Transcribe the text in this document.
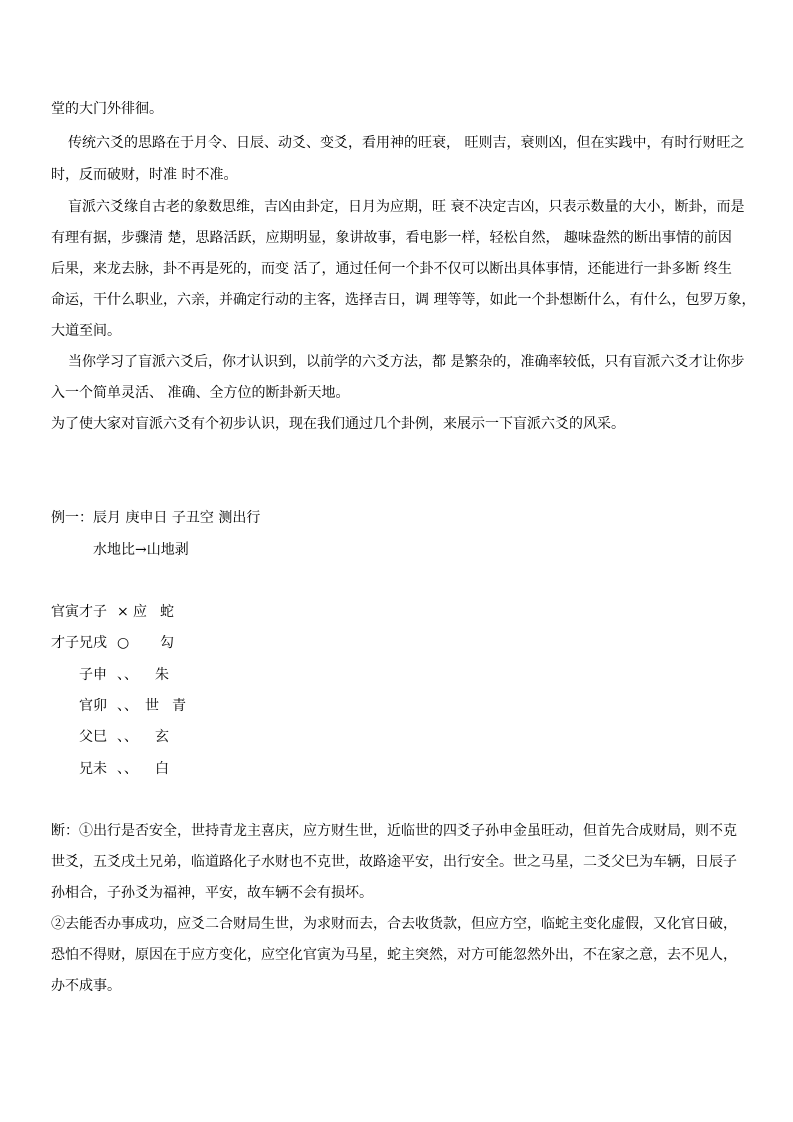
堂的大门外徘徊。
传统六爻的思路在于月令、日辰、动爻、变爻，看用神的旺衰， 旺则吉，衰则凶，但在实践中，有时行财旺之
时，反而破财，时准 时不准。
盲派六爻缘自古老的象数思维，吉凶由卦定，日月为应期，旺 衰不决定吉凶，只表示数量的大小，断卦，而是
有理有据，步骤清 楚，思路活跃，应期明显，象讲故事，看电影一样，轻松自然， 趣味盎然的断出事情的前因
后果，来龙去脉，卦不再是死的，而变 活了，通过任何一个卦不仅可以断出具体事情，还能进行一卦多断 终生
命运，干什么职业，六亲，并确定行动的主客，选择吉日，调 理等等，如此一个卦想断什么，有什么，包罗万象，
大道至间。
当你学习了盲派六爻后，你才认识到，以前学的六爻方法，都 是繁杂的，准确率较低，只有盲派六爻才让你步
入一个简单灵活、 准确、全方位的断卦新天地。
为了使大家对盲派六爻有个初步认识，现在我们通过几个卦例，来展示一下盲派六爻的风采。
例一：辰月 庚申日 子丑空 测出行
水地比→山地剥
官寅才子 × 应 蛇
才子兄戌 ○ 勾
子申 、、 朱
官卯 、、 世 青
父巳 、、 玄
兄未 、、 白
断：①出行是否安全，世持青龙主喜庆，应方财生世，近临世的四爻子孙申金虽旺动，但首先合成财局，则不克
世爻，五爻戌土兄弟，临道路化子水财也不克世，故路途平安，出行安全。世之马星，二爻父巳为车辆，日辰子
孙相合，子孙爻为福神，平安，故车辆不会有损坏。
②去能否办事成功，应爻二合财局生世，为求财而去，合去收货款，但应方空，临蛇主变化虚假，又化官日破，
恐怕不得财，原因在于应方变化，应空化官寅为马星，蛇主突然，对方可能忽然外出，不在家之意，去不见人，
办不成事。
